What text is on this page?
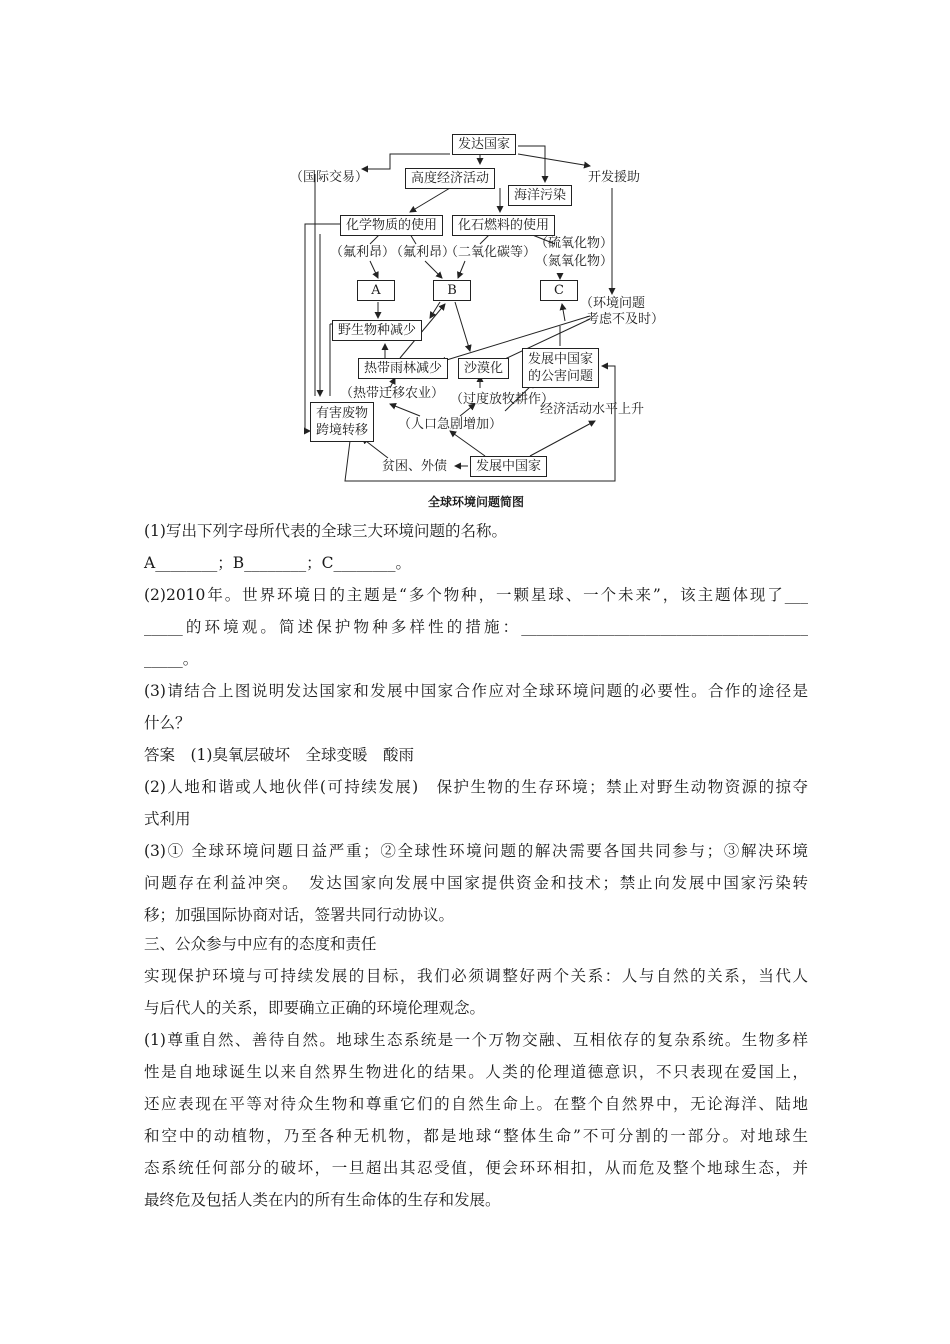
发达国家
（国际交易）	高度经济活动
海洋污染
开发援助
化学物质的使用	化石燃料的使用
（氟利昂）
（氟利昂）
（二氧化碳等）
（硫氧化物）
（氮氧化物）
A	B	C
（环境问题
考虑不及时）
野生物种减少
热带雨林减少	沙漠化
发展中国家
的公害问题
（热带迁移农业） （过度放牧耕作）
有害废物
跨境转移
经济活动水平上升
（人口急剧增加）
贫困、外债	发展中国家
全球环境问题简图
(1)写出下列字母所代表的全球三大环境问题的名称。
A________；B________；C________。
(2)2010年。世界环境日的主题是“多个物种，一颗星球、一个未来”，该主题体现了___
_____的环境观。简述保护物种多样性的措施：_____________________________________
_____。
(3)请结合上图说明发达国家和发展中国家合作应对全球环境问题的必要性。合作的途径是
什么？
答案　(1)臭氧层破坏　全球变暖　酸雨
(2)人地和谐或人地伙伴(可持续发展)　保护生物的生存环境；禁止对野生动物资源的掠夺
式利用
(3)① 全球环境问题日益严重；②全球性环境问题的解决需要各国共同参与；③解决环境
问题存在利益冲突。　发达国家向发展中国家提供资金和技术；禁止向发展中国家污染转
移；加强国际协商对话，签署共同行动协议。
三、公众参与中应有的态度和责任
实现保护环境与可持续发展的目标，我们必须调整好两个关系：人与自然的关系，当代人
与后代人的关系，即要确立正确的环境伦理观念。
(1)尊重自然、善待自然。地球生态系统是一个万物交融、互相依存的复杂系统。生物多样
性是自地球诞生以来自然界生物进化的结果。人类的伦理道德意识，不只表现在爱国上，
还应表现在平等对待众生物和尊重它们的自然生命上。在整个自然界中，无论海洋、陆地
和空中的动植物，乃至各种无机物，都是地球“整体生命”不可分割的一部分。对地球生
态系统任何部分的破坏，一旦超出其忍受值，便会环环相扣，从而危及整个地球生态，并
最终危及包括人类在内的所有生命体的生存和发展。
